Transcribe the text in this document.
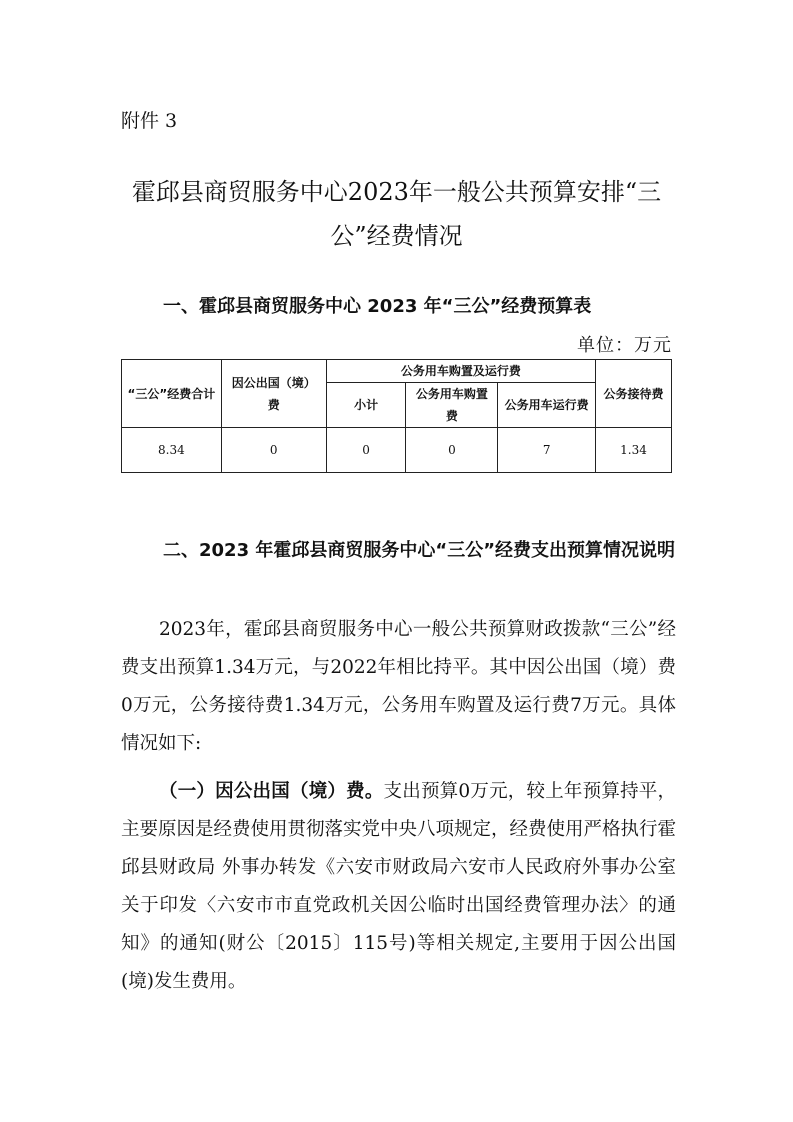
附件 3
霍邱县商贸服务中心2023年一般公共预算安排“三公”经费情况
一、霍邱县商贸服务中心 2023 年“三公”经费预算表
单位：万元
“三公”经费合计	因公出国（境）费	公务用车购置及运行费			公务接待费
		小计	公务用车购置费	公务用车运行费	
8.34	0	0	0	7	1.34
二、2023 年霍邱县商贸服务中心“三公”经费支出预算情况说明

2023年，霍邱县商贸服务中心一般公共预算财政拨款“三公”经费支出预算1.34万元，与2022年相比持平。其中因公出国（境）费0万元，公务接待费1.34万元，公务用车购置及运行费7万元。具体情况如下:

（一）因公出国（境）费。支出预算0万元，较上年预算持平，主要原因是经费使用贯彻落实党中央八项规定，经费使用严格执行霍邱县财政局 外事办转发《六安市财政局六安市人民政府外事办公室关于印发〈六安市市直党政机关因公临时出国经费管理办法〉的通知》的通知(财公〔2015〕115号)等相关规定,主要用于因公出国(境)发生费用。
